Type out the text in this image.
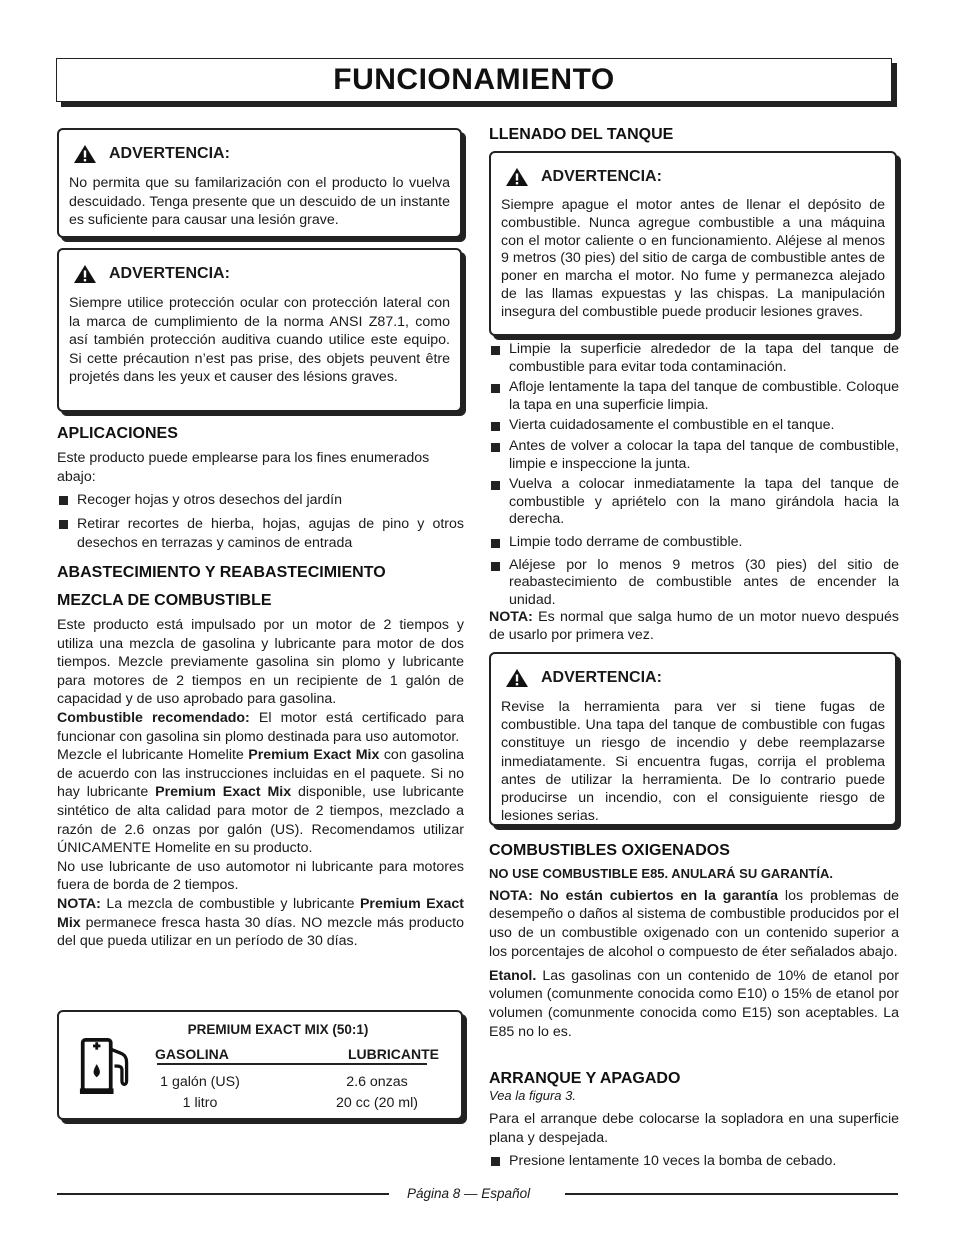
FUNCIONAMIENTO
ADVERTENCIA:

No permita que su familarización con el producto lo vuelva descuidado. Tenga presente que un descuido de un instante es suficiente para causar una lesión grave.

ADVERTENCIA:

Siempre utilice protección ocular con protección lateral con la marca de cumplimiento de la norma ANSI Z87.1, como así también protección auditiva cuando utilice este equipo. Si cette précaution n’est pas prise, des objets peuvent être projetés dans les yeux et causer des lésions graves.

APLICACIONES

Este producto puede emplearse para los fines enumerados abajo:

Recoger hojas y otros desechos del jardín
Retirar recortes de hierba, hojas, agujas de pino y otros desechos en terrazas y caminos de entrada
ABASTECIMIENTO Y REABASTECIMIENTO
MEZCLA DE COMBUSTIBLE

Este producto está impulsado por un motor de 2 tiempos y utiliza una mezcla de gasolina y lubricante para motor de dos tiempos. Mezcle previamente gasolina sin plomo y lubricante para motores de 2 tiempos en un recipiente de 1 galón de capacidad y de uso aprobado para gasolina.

Combustible recomendado: El motor está certificado para funcionar con gasolina sin plomo destinada para uso automotor.

Mezcle el lubricante Homelite Premium Exact Mix con gasolina de acuerdo con las instrucciones incluidas en el paquete. Si no hay lubricante Premium Exact Mix disponible, use lubricante sintético de alta calidad para motor de 2 tiempos, mezclado a razón de 2.6 onzas por galón (US). Recomendamos utilizar ÚNICAMENTE Homelite en su producto.

No use lubricante de uso automotor ni lubricante para motores fuera de borda de 2 tiempos.

NOTA: La mezcla de combustible y lubricante Premium Exact Mix permanece fresca hasta 30 días. NO mezcle más producto del que pueda utilizar en un período de 30 días.

PREMIUM EXACT MIX (50:1)
GASOLINA
1 galón (US)
1 litro
LUBRICANTE
2.6 onzas
20 cc (20 ml)
LLENADO DEL TANQUE
ADVERTENCIA:

Siempre apague el motor antes de llenar el depósito de combustible. Nunca agregue combustible a una máquina con el motor caliente o en funcionamiento. Aléjese al menos 9 metros (30 pies) del sitio de carga de combustible antes de poner en marcha el motor. No fume y permanezca alejado de las llamas expuestas y las chispas. La manipulación insegura del combustible puede producir lesiones graves.

Limpie la superficie alrededor de la tapa del tanque de combustible para evitar toda contaminación.
Afloje lentamente la tapa del tanque de combustible. Coloque la tapa en una superficie limpia.
Vierta cuidadosamente el combustible en el tanque.
Antes de volver a colocar la tapa del tanque de combustible, limpie e inspeccione la junta.
Vuelva a colocar inmediatamente la tapa del tanque de combustible y apriételo con la mano girándola hacia la derecha.
Limpie todo derrame de combustible.
Aléjese por lo menos 9 metros (30 pies) del sitio de reabastecimiento de combustible antes de encender la unidad.

NOTA: Es normal que salga humo de un motor nuevo después de usarlo por primera vez.

ADVERTENCIA:

Revise la herramienta para ver si tiene fugas de combustible. Una tapa del tanque de combustible con fugas constituye un riesgo de incendio y debe reemplazarse inmediatamente. Si encuentra fugas, corrija el problema antes de utilizar la herramienta. De lo contrario puede producirse un incendio, con el consiguiente riesgo de lesiones serias.

COMBUSTIBLES OXIGENADOS

NO USE COMBUSTIBLE E85. ANULARÁ SU GARANTÍA.

NOTA: No están cubiertos en la garantía los problemas de desempeño o daños al sistema de combustible producidos por el uso de un combustible oxigenado con un contenido superior a los porcentajes de alcohol o compuesto de éter señalados abajo.

Etanol. Las gasolinas con un contenido de 10% de etanol por volumen (comunmente conocida como E10) o 15% de etanol por volumen (comunmente conocida como E15) son aceptables. La E85 no lo es.

ARRANQUE Y APAGADO

Vea la figura 3.

Para el arranque debe colocarse la sopladora en una superficie plana y despejada.

Presione lentamente 10 veces la bomba de cebado.
Página 8 — Español
